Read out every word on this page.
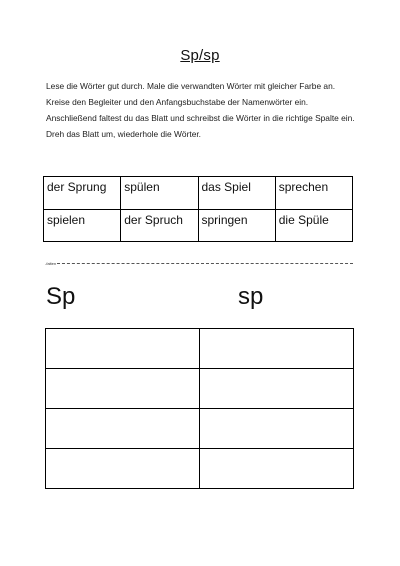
Sp/sp
Lese die Wörter gut durch. Male die verwandten Wörter mit gleicher Farbe an. Kreise den Begleiter und den Anfangsbuchstabe der Namenwörter ein. Anschließend faltest du das Blatt und schreibst die Wörter in die richtige Spalte ein. Dreh das Blatt um, wiederhole die Wörter.
der Sprung	spülen	das Spiel	sprechen
spielen	der Spruch	springen	die Spüle
-falten
Sp	sp
